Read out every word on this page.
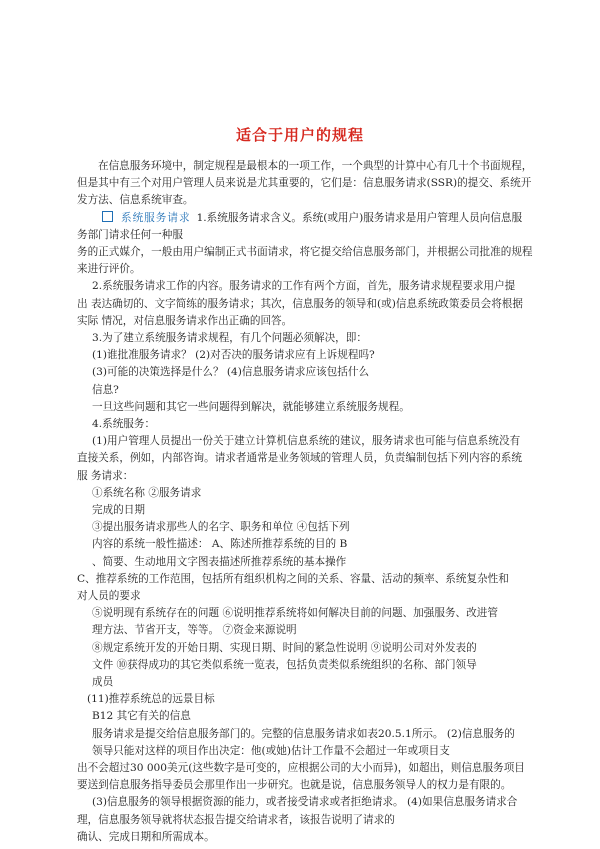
适合于用户的规程
系统服务请求 1.系统服务请求含义。系统(或用户)服务请求是用户管理人员向信息服
在信息服务环境中，制定规程是最根本的一项工作，一个典型的计算中心有几十个书面规程，
但是其中有三个对用户管理人员来说是尤其重要的，它们是：信息服务请求(SSR)的提交、系统开
发方法、信息系统审查。
务部门请求任何一种服
务的正式媒介，一般由用户编制正式书面请求，将它提交给信息服务部门，并根据公司批准的规程
来进行评价。
2.系统服务请求工作的内容。服务请求的工作有两个方面，首先，服务请求规程要求用户提
出 表达确切的、文字简练的服务请求；其次，信息服务的领导和(或)信息系统政策委员会将根据
实际 情况，对信息服务请求作出正确的回答。
3.为了建立系统服务请求规程，有几个问题必须解决，即：
(1)谁批准服务请求？ (2)对否决的服务请求应有上诉规程吗?
(3)可能的决策选择是什么？ (4)信息服务请求应该包括什么
信息?
一旦这些问题和其它一些问题得到解决，就能够建立系统服务规程。
4.系统服务：
(1)用户管理人员提出一份关于建立计算机信息系统的建议，服务请求也可能与信息系统没有
直接关系，例如，内部咨询。请求者通常是业务领域的管理人员，负责编制包括下列内容的系统
服 务请求：
①系统名称 ②服务请求
完成的日期
③提出服务请求那些人的名字、职务和单位 ④包括下列
内容的系统一般性描述： A、陈述所推荐系统的目的 B
、简要、生动地用文字图表描述所推荐系统的基本操作
C、推荐系统的工作范围，包括所有组织机构之间的关系、容量、活动的频率、系统复杂性和
对人员的要求
⑤说明现有系统存在的问题 ⑥说明推荐系统将如何解决目前的问题、加强服务、改进管
理方法、节省开支，等等。 ⑦资金来源说明
⑧规定系统开发的开始日期、实现日期、时间的紧急性说明 ⑨说明公司对外发表的
文件 ⑩获得成功的其它类似系统一览表，包括负责类似系统组织的名称、部门领导
成员
(11)推荐系统总的远景目标
B12 其它有关的信息
服务请求是提交给信息服务部门的。完整的信息服务请求如表20.5.1所示。 (2)信息服务的
领导只能对这样的项目作出决定：他(或她)估计工作量不会超过一年或项目支
出不会超过30 000美元(这些数字是可变的，应根据公司的大小而异)，如超出，则信息服务项目
要送到信息服务指导委员会那里作出一步研究。也就是说，信息服务领导人的权力是有限的。
(3)信息服务的领导根据资源的能力，或者接受请求或者拒绝请求。 (4)如果信息服务请求合
理，信息服务领导就将状态报告提交给请求者，该报告说明了请求的
确认、完成日期和所需成本。
